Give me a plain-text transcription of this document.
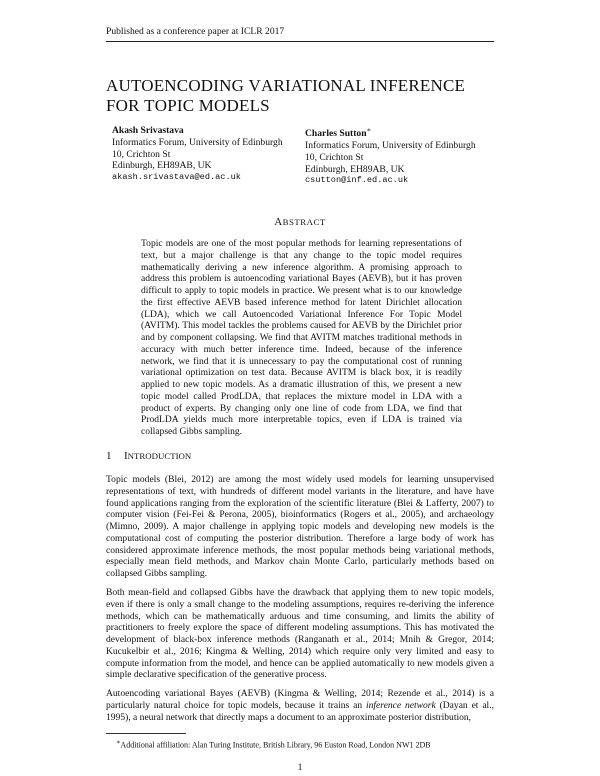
Published as a conference paper at ICLR 2017
AUTOENCODING VARIATIONAL INFERENCE
FOR TOPIC MODELS
Akash Srivastava
Informatics Forum, University of Edinburgh
10, Crichton St
Edinburgh, EH89AB, UK
akash.srivastava@ed.ac.uk
Charles Sutton∗
Informatics Forum, University of Edinburgh
10, Crichton St
Edinburgh, EH89AB, UK
csutton@inf.ed.ac.uk
ABSTRACT
Topic models are one of the most popular methods for learning representations of text, but a major challenge is that any change to the topic model requires mathematically deriving a new inference algorithm. A promising approach to address this problem is autoencoding variational Bayes (AEVB), but it has proven difficult to apply to topic models in practice. We present what is to our knowledge the first effective AEVB based inference method for latent Dirichlet allocation (LDA), which we call Autoencoded Variational Inference For Topic Model (AVITM). This model tackles the problems caused for AEVB by the Dirichlet prior and by component collapsing. We find that AVITM matches traditional methods in accuracy with much better inference time. Indeed, because of the inference network, we find that it is unnecessary to pay the computational cost of running variational optimization on test data. Because AVITM is black box, it is readily applied to new topic models. As a dramatic illustration of this, we present a new topic model called ProdLDA, that replaces the mixture model in LDA with a product of experts. By changing only one line of code from LDA, we find that ProdLDA yields much more interpretable topics, even if LDA is trained via collapsed Gibbs sampling.
1 INTRODUCTION
Topic models (Blei, 2012) are among the most widely used models for learning unsupervised representations of text, with hundreds of different model variants in the literature, and have have found applications ranging from the exploration of the scientific literature (Blei & Lafferty, 2007) to computer vision (Fei-Fei & Perona, 2005), bioinformatics (Rogers et al., 2005), and archaeology (Mimno, 2009). A major challenge in applying topic models and developing new models is the computational cost of computing the posterior distribution. Therefore a large body of work has considered approximate inference methods, the most popular methods being variational methods, especially mean field methods, and Markov chain Monte Carlo, particularly methods based on collapsed Gibbs sampling.
Both mean-field and collapsed Gibbs have the drawback that applying them to new topic models, even if there is only a small change to the modeling assumptions, requires re-deriving the inference methods, which can be mathematically arduous and time consuming, and limits the ability of practitioners to freely explore the space of different modeling assumptions. This has motivated the development of black-box inference methods (Ranganath et al., 2014; Mnih & Gregor, 2014; Kucukelbir et al., 2016; Kingma & Welling, 2014) which require only very limited and easy to compute information from the model, and hence can be applied automatically to new models given a simple declarative specification of the generative process.
Autoencoding variational Bayes (AEVB) (Kingma & Welling, 2014; Rezende et al., 2014) is a particularly natural choice for topic models, because it trains an inference network (Dayan et al., 1995), a neural network that directly maps a document to an approximate posterior distribution,
∗Additional affiliation: Alan Turing Institute, British Library, 96 Euston Road, London NW1 2DB
1
